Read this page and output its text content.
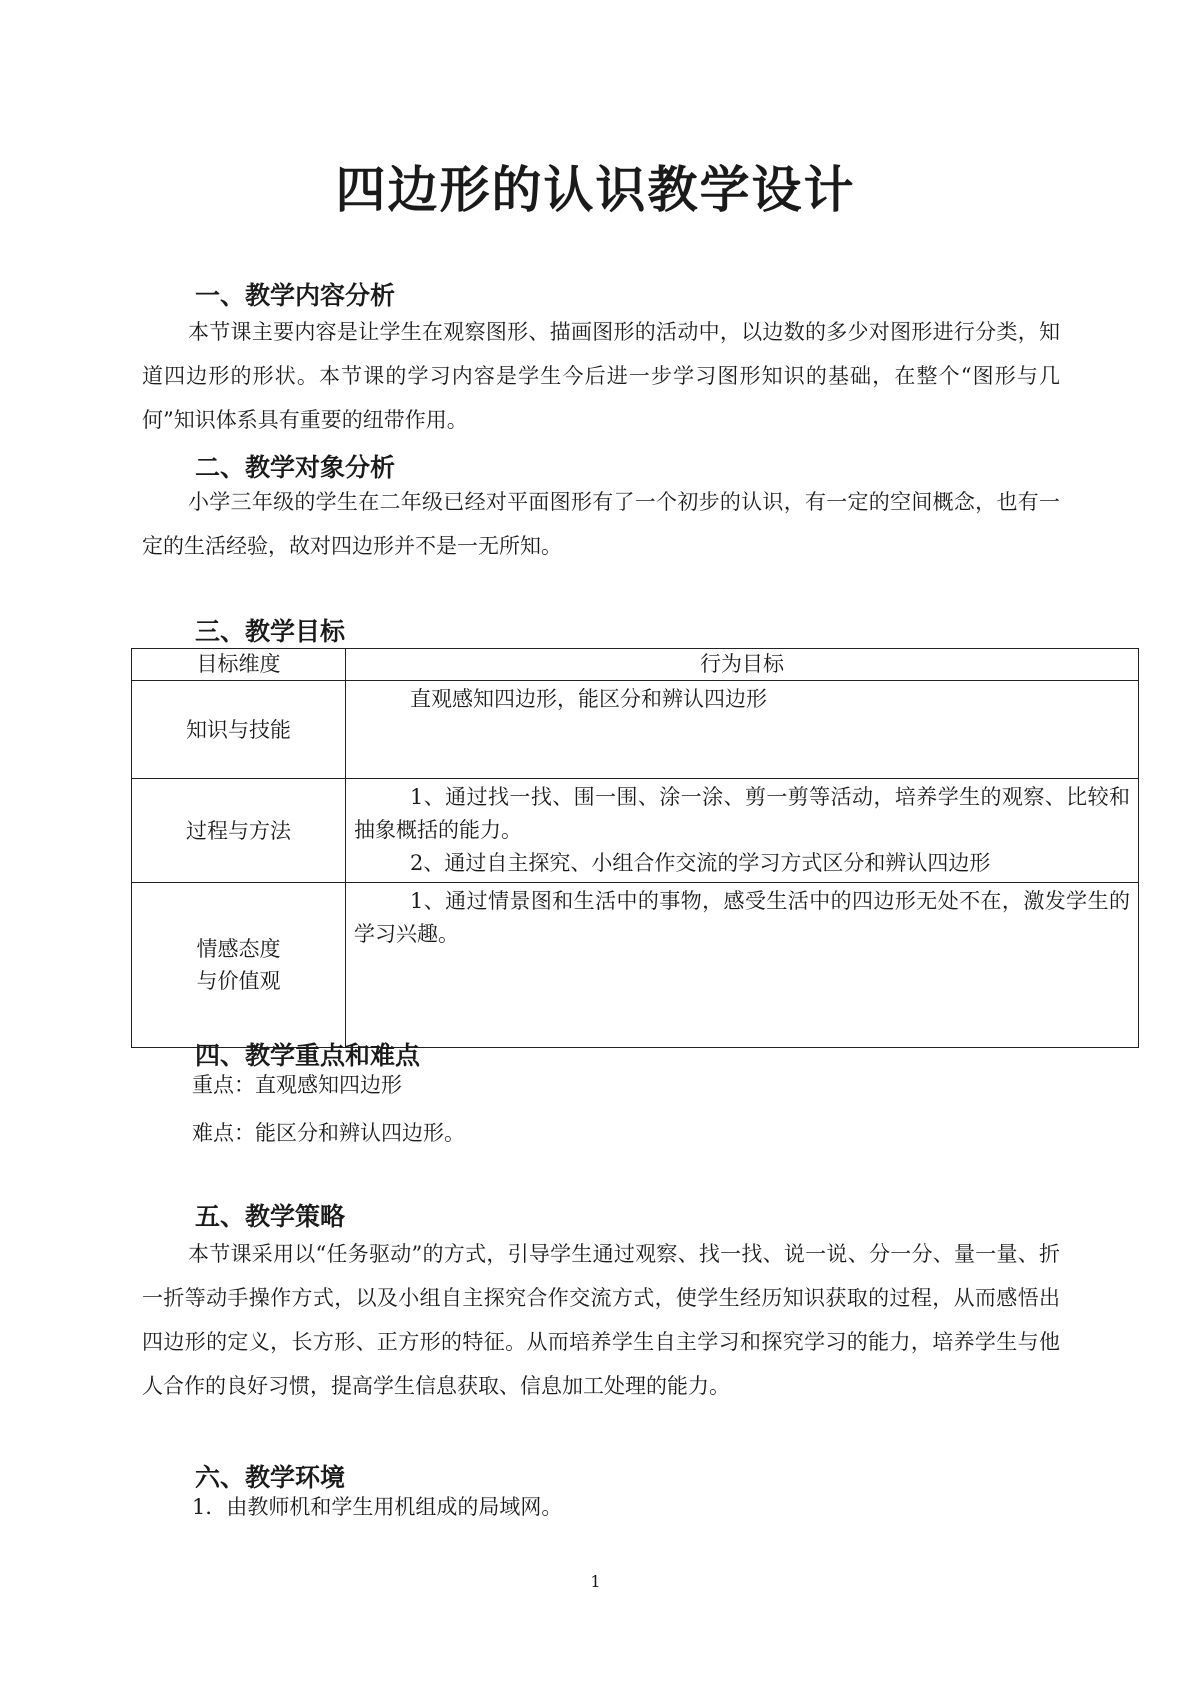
四边形的认识教学设计
一、教学内容分析

本节课主要内容是让学生在观察图形、描画图形的活动中，以边数的多少对图形进行分类，知道四边形的形状。本节课的学习内容是学生今后进一步学习图形知识的基础，在整个“图形与几何”知识体系具有重要的纽带作用。

二、教学对象分析

小学三年级的学生在二年级已经对平面图形有了一个初步的认识，有一定的空间概念，也有一定的生活经验，故对四边形并不是一无所知。

三、教学目标
目标维度	行为目标
知识与技能	直观感知四边形，能区分和辨认四边形

过程与方法	1、通过找一找、围一围、涂一涂、剪一剪等活动，培养学生的观察、比较和抽象概括的能力。

2、通过自主探究、小组合作交流的学习方式区分和辨认四边形

情感态度
与价值观	1、通过情景图和生活中的事物，感受生活中的四边形无处不在，激发学生的学习兴趣。

四、教学重点和难点

重点：直观感知四边形

难点：能区分和辨认四边形。

五、教学策略

本节课采用以“任务驱动”的方式，引导学生通过观察、找一找、说一说、分一分、量一量、折一折等动手操作方式，以及小组自主探究合作交流方式，使学生经历知识获取的过程，从而感悟出四边形的定义，长方形、正方形的特征。从而培养学生自主学习和探究学习的能力，培养学生与他人合作的良好习惯，提高学生信息获取、信息加工处理的能力。

六、教学环境

1．由教师机和学生用机组成的局域网。

1
